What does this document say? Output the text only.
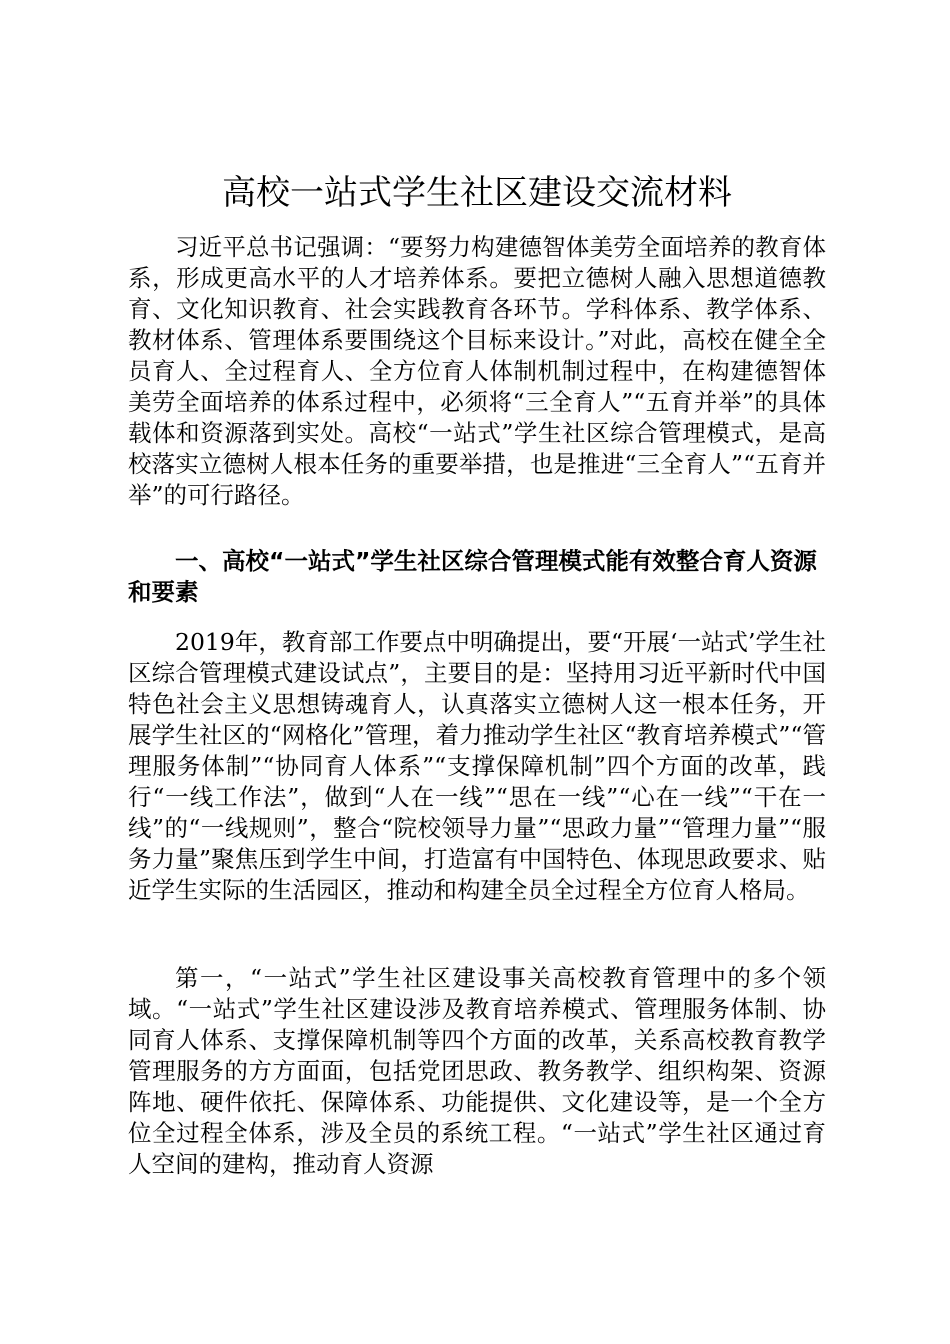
高校一站式学生社区建设交流材料

习近平总书记强调：“要努力构建德智体美劳全面培养的教育体系，形成更高水平的人才培养体系。要把立德树人融入思想道德教育、文化知识教育、社会实践教育各环节。学科体系、教学体系、教材体系、管理体系要围绕这个目标来设计。”对此，高校在健全全员育人、全过程育人、全方位育人体制机制过程中，在构建德智体美劳全面培养的体系过程中，必须将“三全育人”“五育并举”的具体载体和资源落到实处。高校“一站式”学生社区综合管理模式，是高校落实立德树人根本任务的重要举措，也是推进“三全育人”“五育并举”的可行路径。

一、高校“一站式”学生社区综合管理模式能有效整合育人资源和要素

2019年，教育部工作要点中明确提出，要“开展‘一站式’学生社区综合管理模式建设试点”，主要目的是：坚持用习近平新时代中国特色社会主义思想铸魂育人，认真落实立德树人这一根本任务，开展学生社区的“网格化”管理，着力推动学生社区“教育培养模式”“管理服务体制”“协同育人体系”“支撑保障机制”四个方面的改革，践行“一线工作法”，做到“人在一线”“思在一线”“心在一线”“干在一线”的“一线规则”，整合“院校领导力量”“思政力量”“管理力量”“服务力量”聚焦压到学生中间，打造富有中国特色、体现思政要求、贴近学生实际的生活园区，推动和构建全员全过程全方位育人格局。

第一，“一站式”学生社区建设事关高校教育管理中的多个领域。“一站式”学生社区建设涉及教育培养模式、管理服务体制、协同育人体系、支撑保障机制等四个方面的改革，关系高校教育教学管理服务的方方面面，包括党团思政、教务教学、组织构架、资源阵地、硬件依托、保障体系、功能提供、文化建设等，是一个全方位全过程全体系，涉及全员的系统工程。“一站式”学生社区通过育人空间的建构，推动育人资源
